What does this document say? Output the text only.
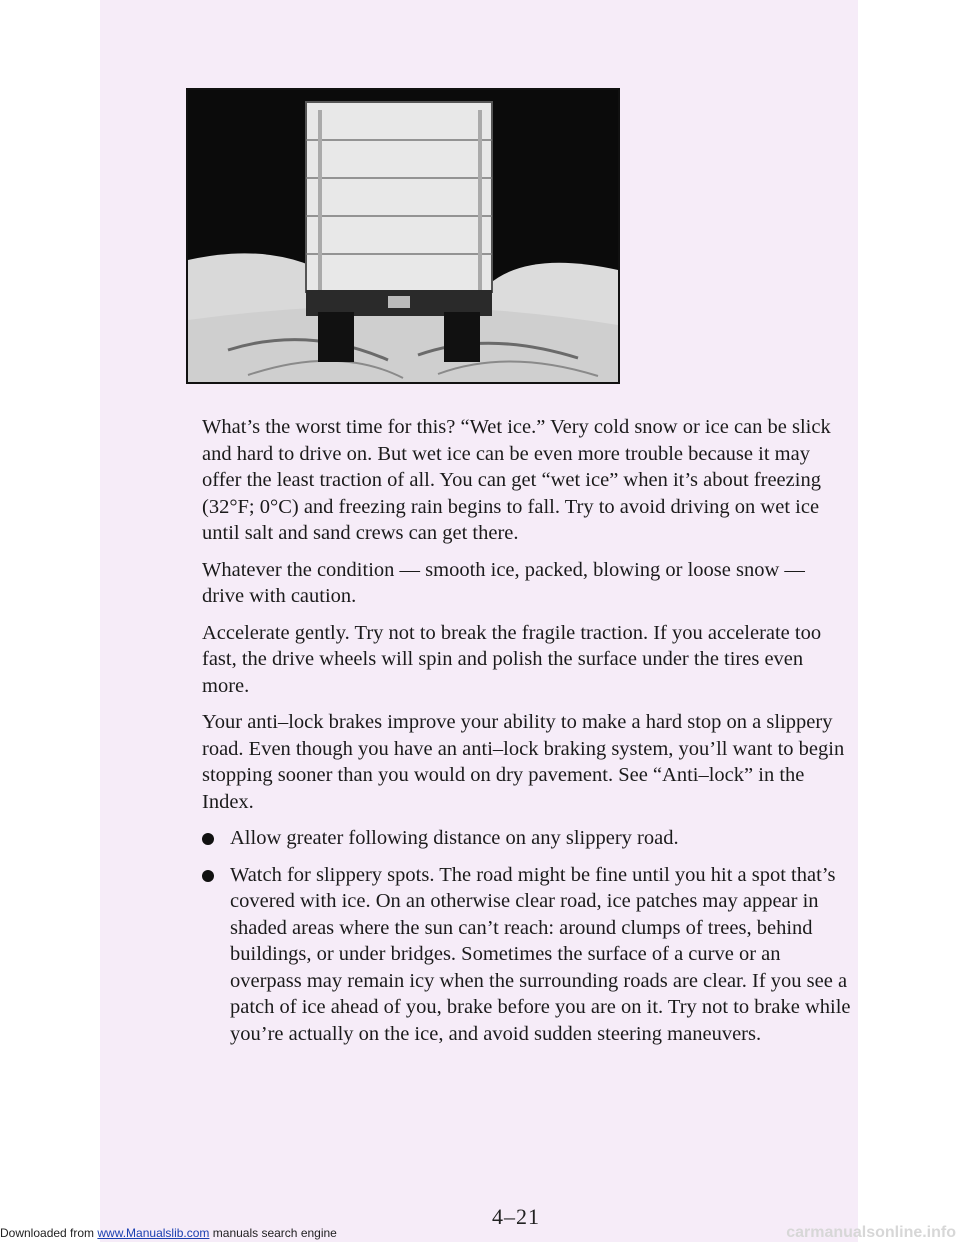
What’s the worst time for this? “Wet ice.” Very cold snow or ice can be slick and hard to drive on. But wet ice can be even more trouble because it may offer the least traction of all. You can get “wet ice” when it’s about freezing (32°F; 0°C) and freezing rain begins to fall. Try to avoid driving on wet ice until salt and sand crews can get there.

Whatever the condition — smooth ice, packed, blowing or loose snow — drive with caution.

Accelerate gently. Try not to break the fragile traction. If you accelerate too fast, the drive wheels will spin and polish the surface under the tires even more.

Your anti–lock brakes improve your ability to make a hard stop on a slippery road. Even though you have an anti–lock braking system, you’ll want to begin stopping sooner than you would on dry pavement. See “Anti–lock” in the Index.

Allow greater following distance on any slippery road.
Watch for slippery spots. The road might be fine until you hit a spot that’s covered with ice. On an otherwise clear road, ice patches may appear in shaded areas where the sun can’t reach: around clumps of trees, behind buildings, or under bridges. Sometimes the surface of a curve or an overpass may remain icy when the surrounding roads are clear. If you see a patch of ice ahead of you, brake before you are on it. Try not to brake while you’re actually on the ice, and avoid sudden steering maneuvers.
4–21
Downloaded from www.Manualslib.com manuals search engine	carmanualsonline.info
